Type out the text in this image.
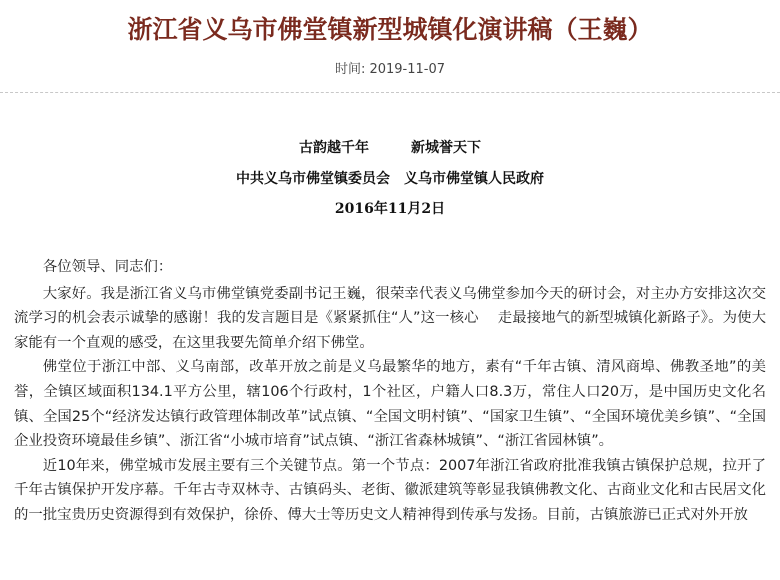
浙江省义乌市佛堂镇新型城镇化演讲稿（王巍）
时间: 2019-11-07
古韵越千年	新城誉天下
中共义乌市佛堂镇委员会 义乌市佛堂镇人民政府
2016年11月2日

各位领导、同志们：

大家好。我是浙江省义乌市佛堂镇党委副书记王巍，很荣幸代表义乌佛堂参加今天的研讨会，对主办方安排这次交流学习的机会表示诚挚的感谢！我的发言题目是《紧紧抓住“人”这一核心　 走最接地气的新型城镇化新路子》。为使大家能有一个直观的感受，在这里我要先简单介绍下佛堂。

佛堂位于浙江中部、义乌南部，改革开放之前是义乌最繁华的地方，素有“千年古镇、清风商埠、佛教圣地”的美誉，全镇区域面积134.1平方公里，辖106个行政村，1个社区，户籍人口8.3万，常住人口20万，是中国历史文化名镇、全国25个“经济发达镇行政管理体制改革”试点镇、“全国文明村镇”、“国家卫生镇”、“全国环境优美乡镇”、“全国企业投资环境最佳乡镇”、浙江省“小城市培育”试点镇、“浙江省森林城镇”、“浙江省园林镇”。

近10年来，佛堂城市发展主要有三个关键节点。第一个节点：2007年浙江省政府批准我镇古镇保护总规，拉开了千年古镇保护开发序幕。千年古寺双林寺、古镇码头、老街、徽派建筑等彰显我镇佛教文化、古商业文化和古民居文化的一批宝贵历史资源得到有效保护，徐侨、傅大士等历史文人精神得到传承与发扬。目前，古镇旅游已正式对外开放
